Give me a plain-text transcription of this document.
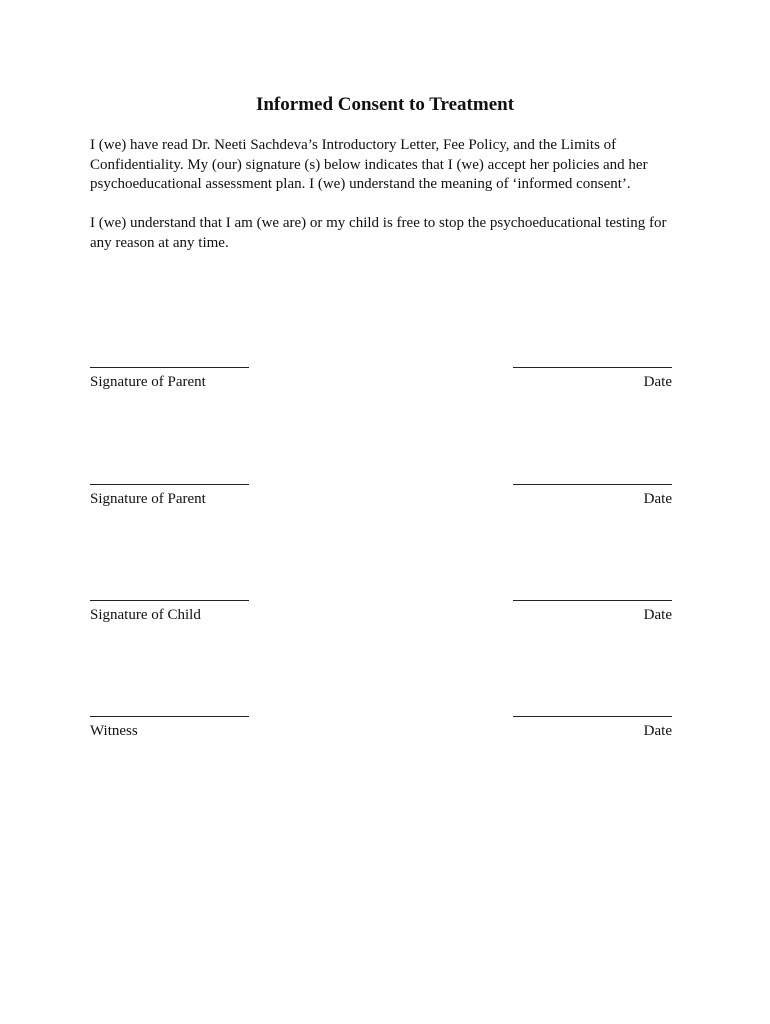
Informed Consent to Treatment

I (we) have read Dr. Neeti Sachdeva’s Introductory Letter, Fee Policy, and the Limits of Confidentiality. My (our) signature (s) below indicates that I (we) accept her policies and her psychoeducational assessment plan. I (we) understand the meaning of ‘informed consent’.

I (we) understand that I am (we are) or my child is free to stop the psychoeducational testing for any reason at any time.

Signature of Parent	Date
Signature of Parent	Date
Signature of Child	Date
Witness	Date
